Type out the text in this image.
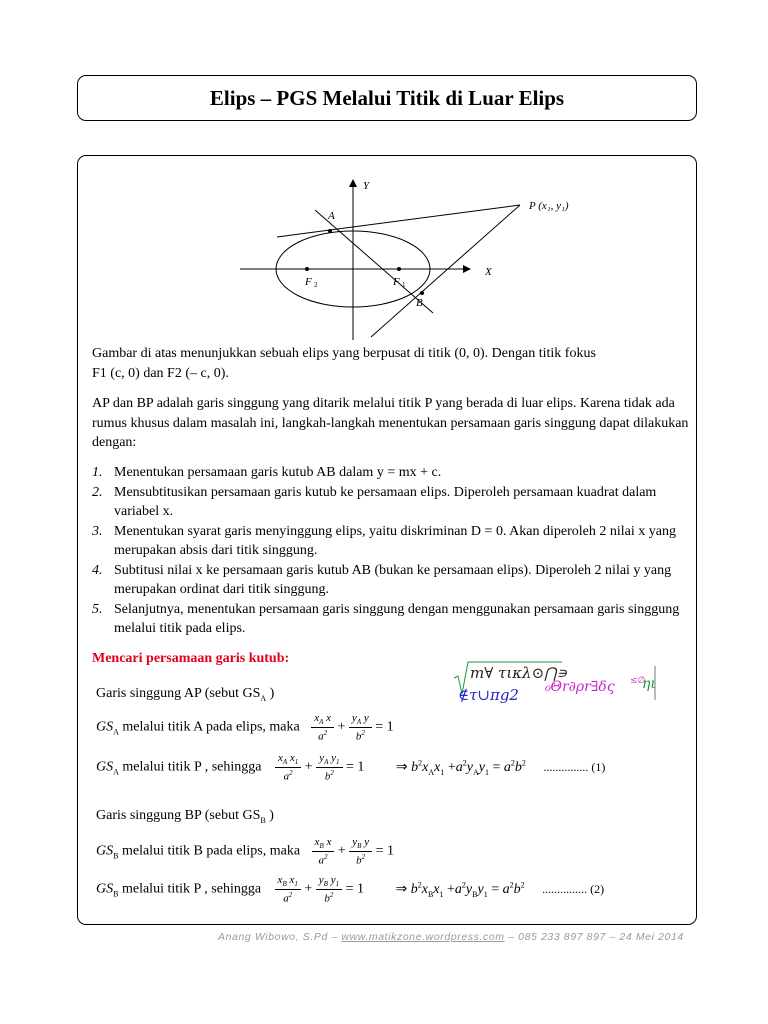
Elips – PGS Melalui Titik di Luar Elips
Y
X
A
B
F 2	F 1
P (x₁, y₁)
Gambar di atas menunjukkan sebuah elips yang berpusat di titik (0, 0). Dengan titik fokus
F1 (c, 0) dan F2 (– c, 0).
AP dan BP adalah garis singgung yang ditarik melalui titik P yang berada di luar elips. Karena tidak ada rumus khusus dalam masalah ini, langkah-langkah menentukan persamaan garis singgung dapat dilakukan dengan:
1. Menentukan persamaan garis kutub AB dalam y = mx + c.
2. Mensubtitusikan persamaan garis kutub ke persamaan elips. Diperoleh persamaan kuadrat dalam variabel x.
3. Menentukan syarat garis menyinggung elips, yaitu diskriminan D = 0. Akan diperoleh 2 nilai x yang merupakan absis dari titik singgung.
4. Subtitusi nilai x ke persamaan garis kutub AB (bukan ke persamaan elips). Diperoleh 2 nilai y yang merupakan ordinat dari titik singgung.
5. Selanjutnya, menentukan persamaan garis singgung dengan menggunakan persamaan garis singgung melalui titik pada elips.
Mencari persamaan garis kutub:
m∀ τικλ⊙⋂∍
∉τ∪πg2 ℴΘr∂ρr∃δς ≤∅
ηι
Garis singgung AP (sebut $GS_A$ )
$GS_A$ melalui titik A pada elips, maka $\frac{x_A x}{a^2} + \frac{y_A y}{b^2} = 1$
$GS_A$ melalui titik P , sehingga $\frac{x_A x_1}{a^2} + \frac{y_A y_1}{b^2} = 1$ ⇒ $b^2x_Ax_1 +a^2y_Ay_1 = a^2b^2$ ............... (1)
Garis singgung BP (sebut $GS_B$ )
$GS_B$ melalui titik B pada elips, maka $\frac{x_B x}{a^2} + \frac{y_B y}{b^2} = 1$
$GS_B$ melalui titik P , sehingga $\frac{x_B x_1}{a^2} + \frac{y_B y_1}{b^2} = 1$ ⇒ $b^2x_Bx_1 +a^2y_By_1 = a^2b^2$ ............... (2)
Anang Wibowo, S.Pd – www.matikzone.wordpress.com – 085 233 897 897 – 24 Mei 2014
